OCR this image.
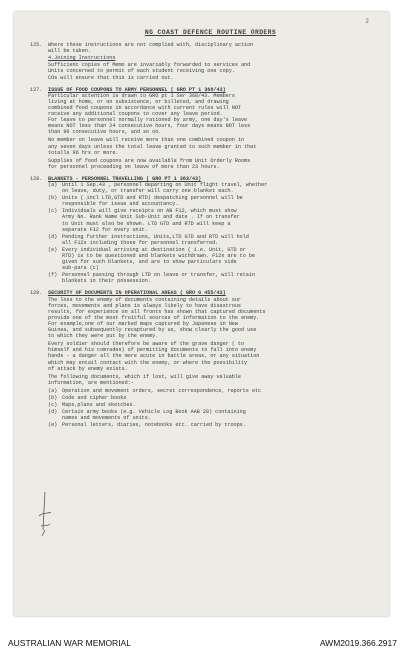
2
NG COAST DEFENCE ROUTINE ORDERS
125.	Where these instructions are not complied with, disciplinary action
will be taken.
4.Joining Instructions
Sufficient copies of Memo are invariably forwarded to services and
Units concerned to permit of each student receiving one copy.
COs will ensure that this is carried out.
127.	ISSUE OF FOOD COUPONS TO ARMY PERSONNEL ( GRO PT 1 368/43)
Particular attention is drawn to GRO pt 1 Ser 368/43. Members
living at home, or on subsistence, or billeted, and drawing
combined food coupons in accordance with current rules will NOT
receive any additional coupons to cover any leave period.
For leave to personnel normally rationed by army, one day's leave
means NOT less than 24 consecutive hours, four days means NOT less
than 96 consecutive hours, and so on.
No member on leave will receive more than one combined coupon in
any seven days unless the total leave granted to such member in that
totalls 96 hrs or more.
Supplies of food coupons are now available from Unit Orderly Rooms
for personnel proceeding on leave of more than 23 hours.
128.	BLANKETS - PERSONNEL TRAVELLING ( GRO PT 1 363/43)
(a) Until 1 Sep.43 , personnel departing on Unit flight travel, whether
on leave, duty, or transfer will carry one blanket each.
(b) Units ( incl LTD,GTD and RTD) despatching personnel will be
responsible for issue and accountancy.
(c) Individuals will give receipts on AB F12, which must show
Army No. Rank Name Unit Sub-Unit and date . If on transfer
to Unit must also be shown. LTD GTD and RTD will keep a
separate F12 for every unit.
(d) Pending further instructions, Units,LTD GTD and RTD will hold
all F12s including those for personnel transferred.
(e) Every individual arriving at destination ( i.e. Unit, GTD or
RTD) is to be questioned and blankets withdrawn. F12s are to be
given for such blankets, and are to show particulars vide
sub-para (c)
(f) Personnel passing through LTD on leave or transfer, will retain
blankets in their possession.
129.	SECURITY OF DOCUMENTS IN OPERATIONAL AREAS ( GRO G 455/43)
The loss to the enemy of documents containing details about our
forces, movements and plans is always likely to have disastrous
results, for experience on all fronts has shown that captured documents
provide one of the most fruitful sources of information to the enemy.
For example,one of our marked maps captured by Japanese in New
Guinea, and subsequently recaptured by us, show clearly the good use
to which they were put by the enemy.
Every soldier should therefore be aware of the grave danger ( to
himself and his comrades) of permitting documents to fall into enemy
hands - a danger all the more acute in battle areas, or any situation
which may entail contact with the enemy, or where the possibility
of attack by enemy exists.
The following documents, which if lost, will give away valuable
information, are mentioned:-
(a) Operation and movement orders, secret correspondence, reports etc
(b) Code and cipher books
(c) Maps,plans and sketches.
(d) Certain army books (e.g. Vehicle Log Book AAB 20) containing
names and movements of units.
(e) Personal letters, diaries, notebooks etc. carried by troops.
AUSTRALIAN WAR MEMORIAL	AWM2019.366.2917
